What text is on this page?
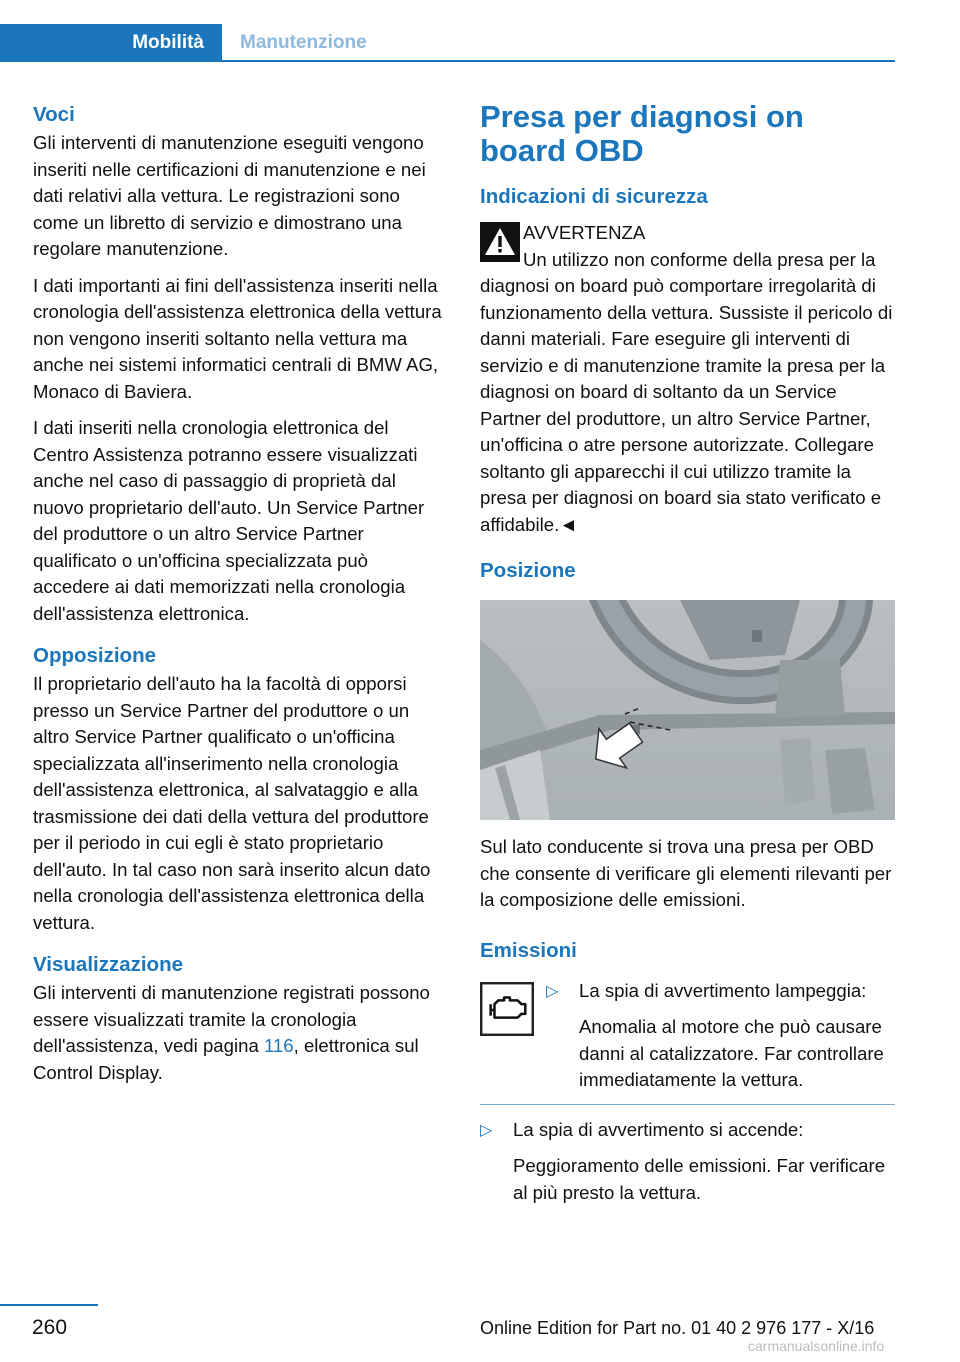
Mobilità	Manutenzione
Voci

Gli interventi di manutenzione eseguiti vengono inseriti nelle certificazioni di manutenzione e nei dati relativi alla vettura. Le registrazioni sono come un libretto di servizio e dimostrano una regolare manutenzione.

I dati importanti ai fini dell'assistenza inseriti nella cronologia dell'assistenza elettronica della vettura non vengono inseriti soltanto nella vettura ma anche nei sistemi informatici centrali di BMW AG, Monaco di Baviera.

I dati inseriti nella cronologia elettronica del Centro Assistenza potranno essere visualizzati anche nel caso di passaggio di proprietà dal nuovo proprietario dell'auto. Un Service Partner del produttore o un altro Service Partner qualificato o un'officina specializzata può accedere ai dati memorizzati nella cronologia dell'assistenza elettronica.

Opposizione

Il proprietario dell'auto ha la facoltà di opporsi presso un Service Partner del produttore o un altro Service Partner qualificato o un'officina specializzata all'inserimento nella cronologia dell'assistenza elettronica, al salvataggio e alla trasmissione dei dati della vettura del produttore per il periodo in cui egli è stato proprietario dell'auto. In tal caso non sarà inserito alcun dato nella cronologia dell'assistenza elettronica della vettura.

Visualizzazione

Gli interventi di manutenzione registrati possono essere visualizzati tramite la cronologia dell'assistenza, vedi pagina 116, elettronica sul Control Display.

Presa per diagnosi on board OBD
Indicazioni di sicurezza
AVVERTENZA

Un utilizzo non conforme della presa per la diagnosi on board può comportare irregolarità di funzionamento della vettura. Sussiste il pericolo di danni materiali. Fare eseguire gli interventi di servizio e di manutenzione tramite la presa per la diagnosi on board di soltanto da un Service Partner del produttore, un altro Service Partner, un'officina o atre persone autorizzate. Collegare soltanto gli apparecchi il cui utilizzo tramite la presa per diagnosi on board sia stato verificato e affidabile.◄

Posizione

Sul lato conducente si trova una presa per OBD che consente di verificare gli elementi rilevanti per la composizione delle emissioni.

Emissioni
▷ La spia di avvertimento lampeggia:

Anomalia al motore che può causare danni al catalizzatore. Far controllare immediatamente la vettura.

▷ La spia di avvertimento si accende:

Peggioramento delle emissioni. Far verificare al più presto la vettura.

260	Online Edition for Part no. 01 40 2 976 177 - X/16
carmanualsonline.info
